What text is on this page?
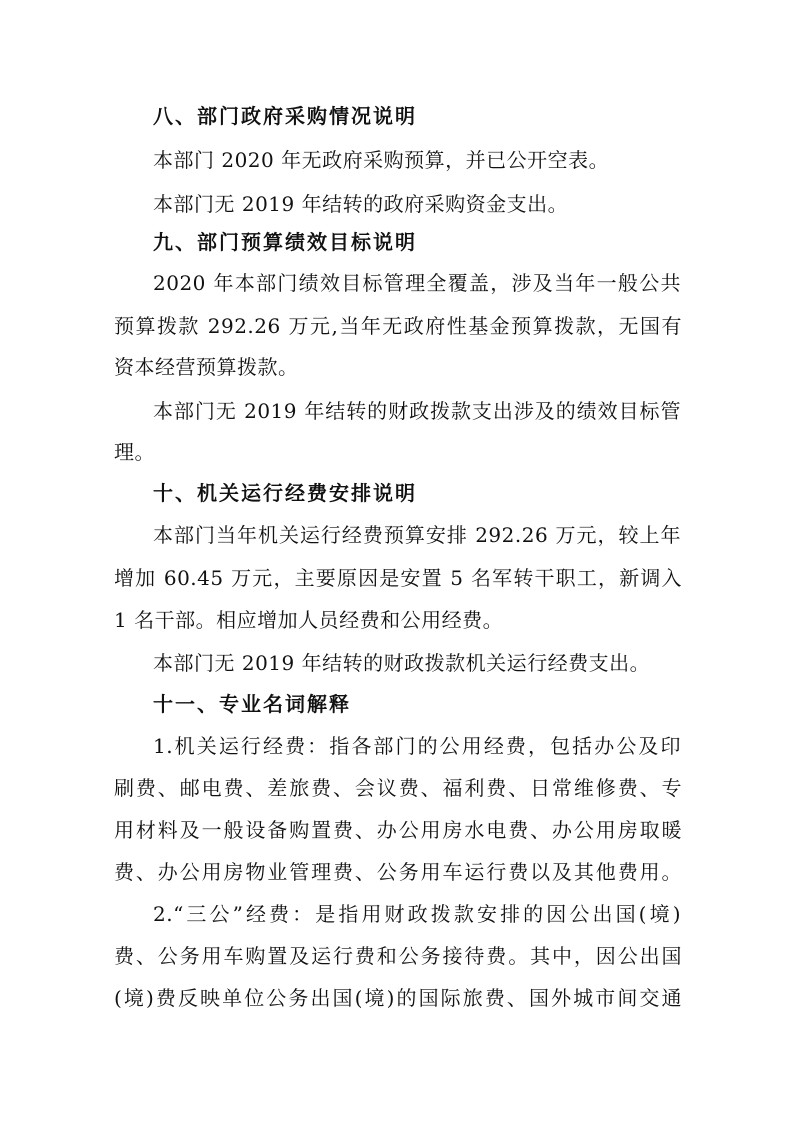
八、部门政府采购情况说明
本部门 2020 年无政府采购预算，并已公开空表。
本部门无 2019 年结转的政府采购资金支出。
九、部门预算绩效目标说明
2020 年本部门绩效目标管理全覆盖，涉及当年一般公共
预算拨款 292.26 万元,当年无政府性基金预算拨款，无国有
资本经营预算拨款。
本部门无 2019 年结转的财政拨款支出涉及的绩效目标管
理。
十、机关运行经费安排说明
本部门当年机关运行经费预算安排 292.26 万元，较上年
增加 60.45 万元，主要原因是安置 5 名军转干职工，新调入
1 名干部。相应增加人员经费和公用经费。
本部门无 2019 年结转的财政拨款机关运行经费支出。
十一、专业名词解释
1.机关运行经费：指各部门的公用经费，包括办公及印
刷费、邮电费、差旅费、会议费、福利费、日常维修费、专
用材料及一般设备购置费、办公用房水电费、办公用房取暖
费、办公用房物业管理费、公务用车运行费以及其他费用。
2.“三公”经费：是指用财政拨款安排的因公出国(境)
费、公务用车购置及运行费和公务接待费。其中，因公出国
(境)费反映单位公务出国(境)的国际旅费、国外城市间交通
